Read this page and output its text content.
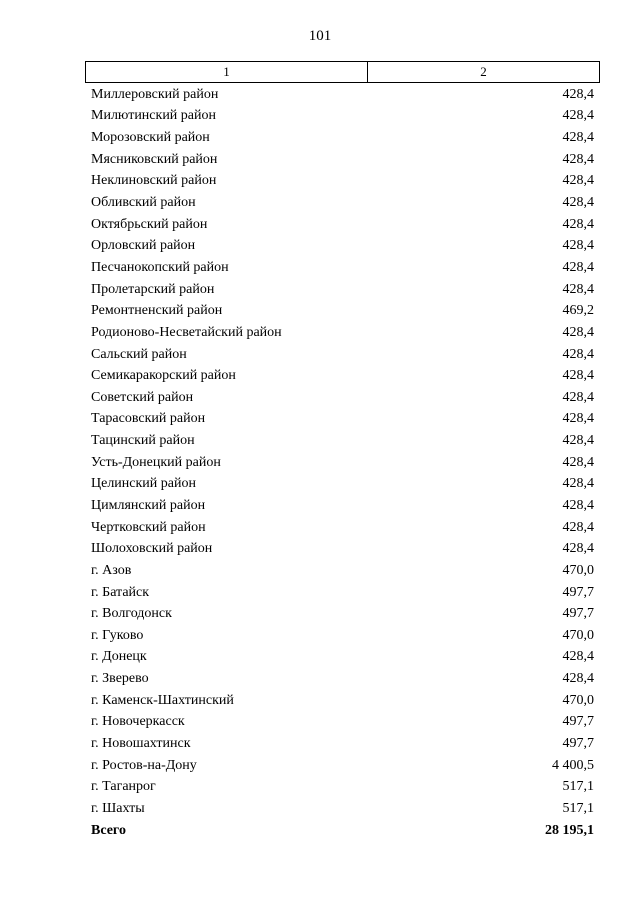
101
1	2
Миллеровский район	428,4
Милютинский район	428,4
Морозовский район	428,4
Мясниковский район	428,4
Неклиновский район	428,4
Обливский район	428,4
Октябрьский район	428,4
Орловский район	428,4
Песчанокопский район	428,4
Пролетарский район	428,4
Ремонтненский район	469,2
Родионово-Несветайский район	428,4
Сальский район	428,4
Семикаракорский район	428,4
Советский район	428,4
Тарасовский район	428,4
Тацинский район	428,4
Усть-Донецкий район	428,4
Целинский район	428,4
Цимлянский район	428,4
Чертковский район	428,4
Шолоховский район	428,4
г. Азов	470,0
г. Батайск	497,7
г. Волгодонск	497,7
г. Гуково	470,0
г. Донецк	428,4
г. Зверево	428,4
г. Каменск-Шахтинский	470,0
г. Новочеркасск	497,7
г. Новошахтинск	497,7
г. Ростов-на-Дону	4 400,5
г. Таганрог	517,1
г. Шахты	517,1
Всего	28 195,1
